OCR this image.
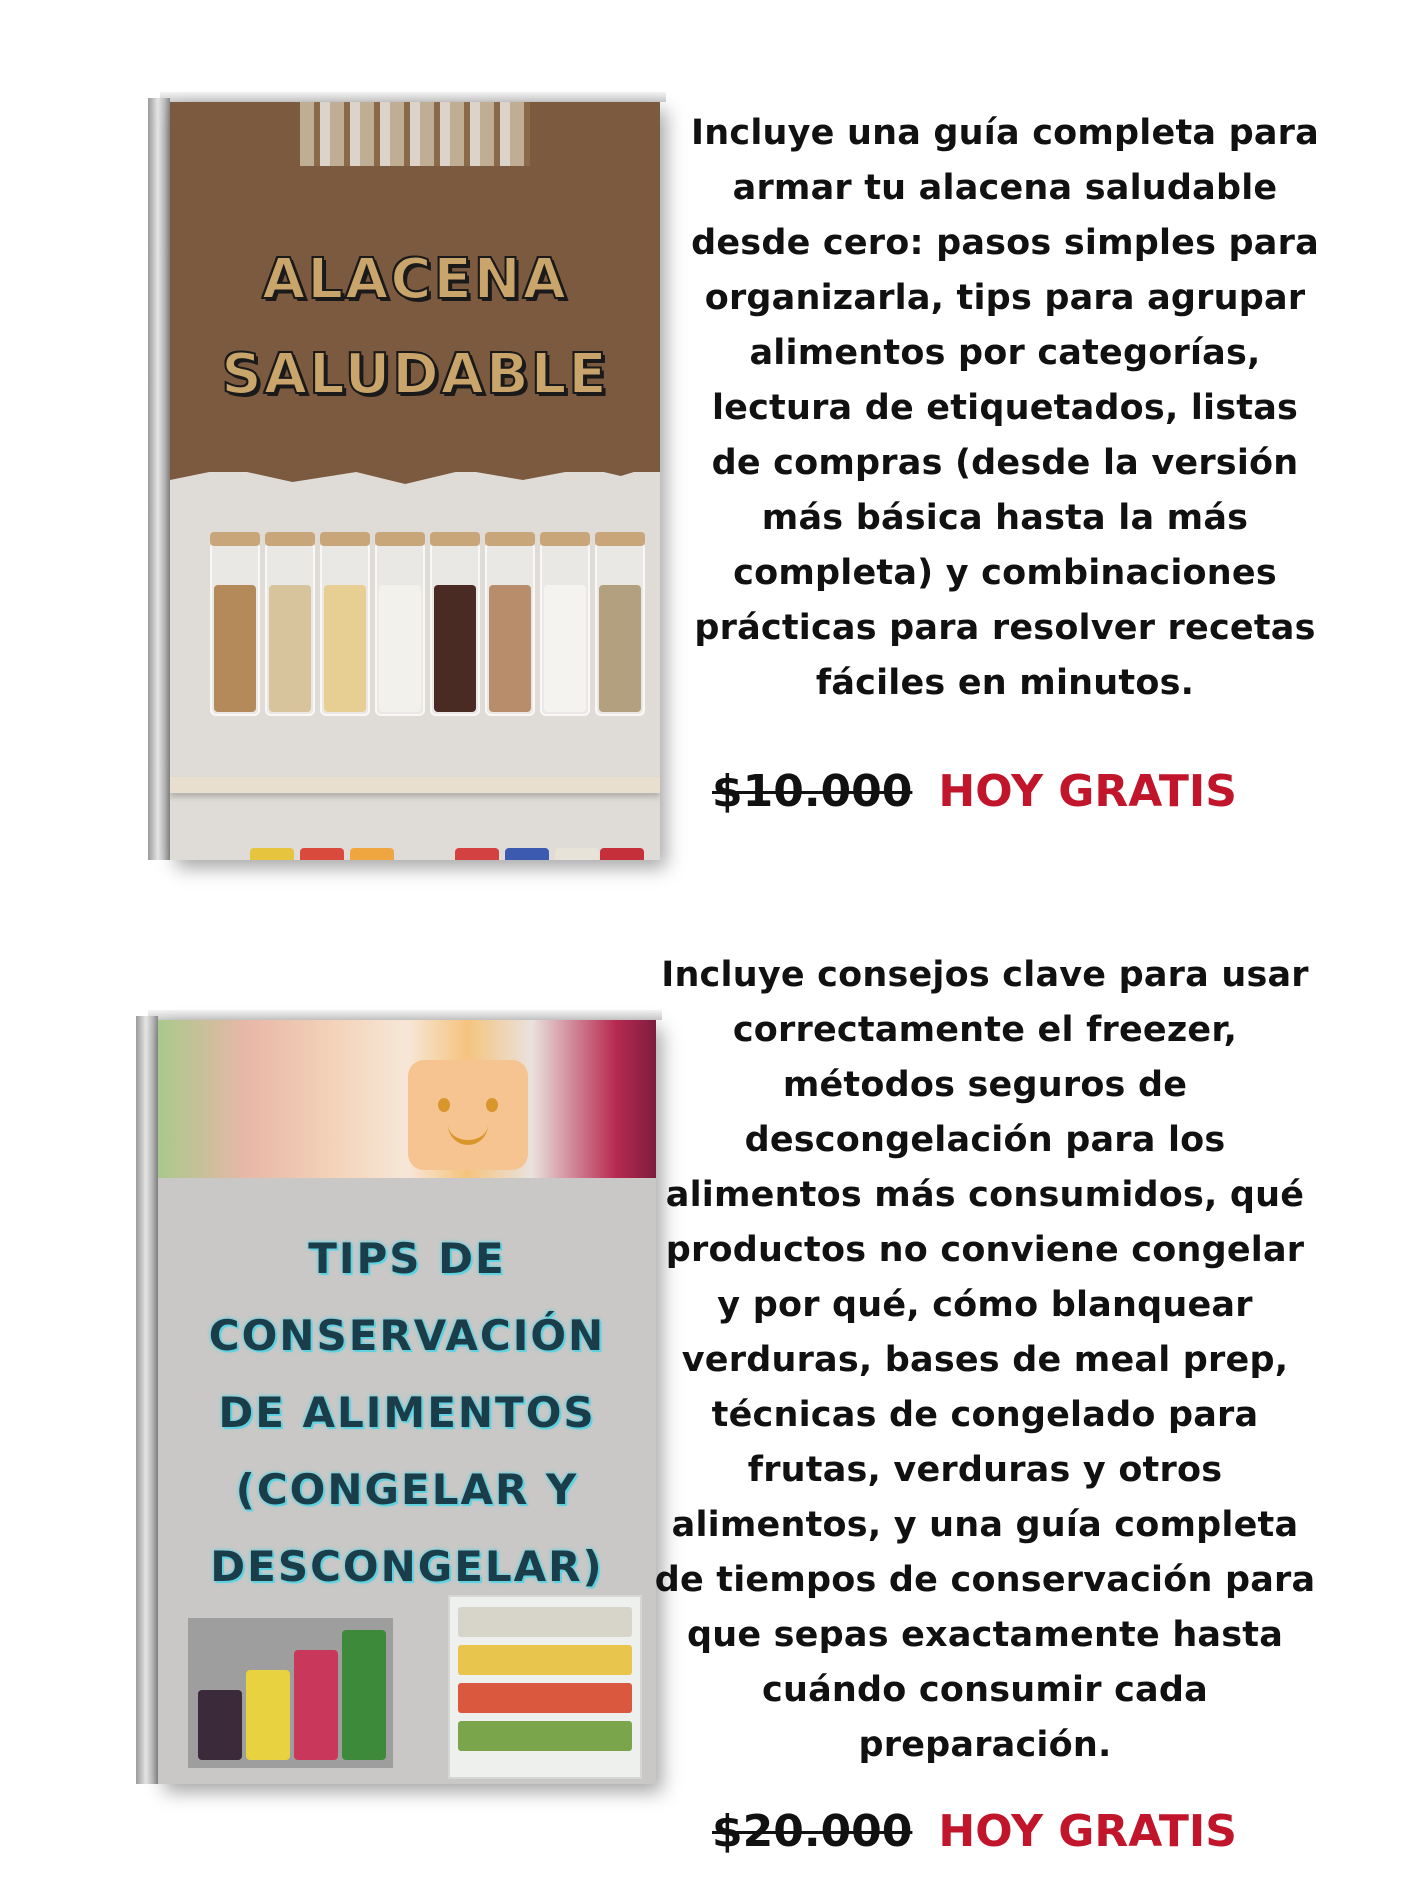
ALACENA
SALUDABLE

Incluye una guía completa para armar tu alacena saludable desde cero: pasos simples para organizarla, tips para agrupar alimentos por categorías, lectura de etiquetados, listas de compras (desde la versión más básica hasta la más completa) y combinaciones prácticas para resolver recetas fáciles en minutos.

$10.000 HOY GRATIS
TIPS DE
CONSERVACIÓN
DE ALIMENTOS
(CONGELAR Y
DESCONGELAR)

Incluye consejos clave para usar correctamente el freezer, métodos seguros de descongelación para los alimentos más consumidos, qué productos no conviene congelar y por qué, cómo blanquear verduras, bases de meal prep, técnicas de congelado para frutas, verduras y otros alimentos, y una guía completa de tiempos de conservación para que sepas exactamente hasta cuándo consumir cada preparación.

$20.000 HOY GRATIS
